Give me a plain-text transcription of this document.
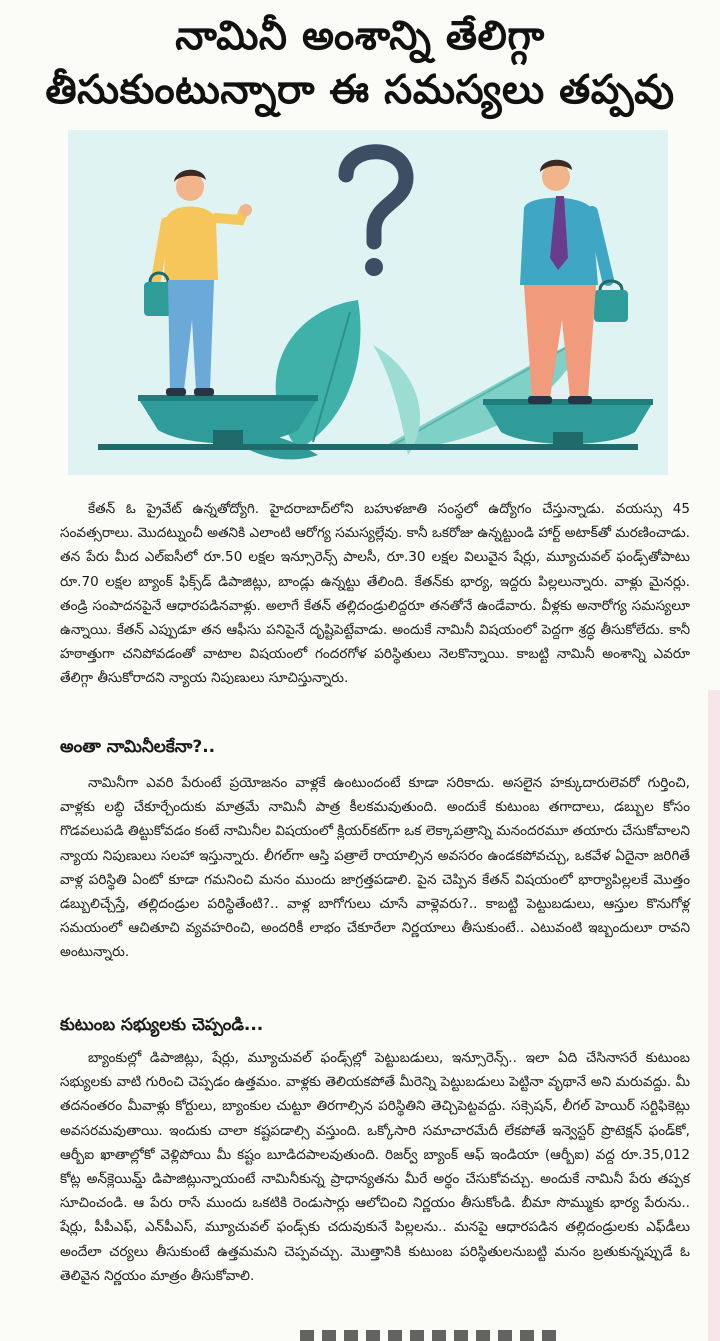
నామినీ అంశాన్ని తేలిగ్గా
తీసుకుంటున్నారా ఈ సమస్యలు తప్పవు

కేతన్ ఓ ప్రైవేట్ ఉన్నతోద్యోగి. హైదరాబాద్‌లోని బహుళజాతి సంస్థలో ఉద్యోగం చేస్తున్నాడు. వయస్సు 45 సంవత్సరాలు. మొదట్నుంచీ అతనికి ఎలాంటి ఆరోగ్య సమస్యల్లేవు. కానీ ఒకరోజు ఉన్నట్టుండి హార్ట్ అటాక్‌తో మరణించాడు. తన పేరు మీద ఎల్‌ఐసీలో రూ.50 లక్షల ఇన్సూరెన్స్ పాలసీ, రూ.30 లక్షల విలువైన షేర్లు, మ్యూచువల్ ఫండ్స్‌తోపాటు రూ.70 లక్షల బ్యాంక్ ఫిక్స్‌డ్ డిపాజిట్లు, బాండ్లు ఉన్నట్టు తేలింది. కేతన్‌కు భార్య, ఇద్దరు పిల్లలున్నారు. వాళ్లు మైనర్లు. తండ్రి సంపాదనపైనే ఆధారపడినవాళ్లు. అలాగే కేతన్ తల్లిదండ్రులిద్దరూ తనతోనే ఉండేవారు. వీళ్లకు అనారోగ్య సమస్యలూ ఉన్నాయి. కేతన్ ఎప్పుడూ తన ఆఫీసు పనిపైనే దృష్టిపెట్టేవాడు. అందుకే నామినీ విషయంలో పెద్దగా శ్రద్ధ తీసుకోలేదు. కానీ హఠాత్తుగా చనిపోవడంతో వాటాల విషయంలో గందరగోళ పరిస్థితులు నెలకొన్నాయి. కాబట్టి నామినీ అంశాన్ని ఎవరూ తేలిగ్గా తీసుకోరాదని న్యాయ నిపుణులు సూచిస్తున్నారు.

అంతా నామినీలకేనా?..

నామినీగా ఎవరి పేరుంటే ప్రయోజనం వాళ్లకే ఉంటుందంటే కూడా సరికాదు. అసలైన హక్కుదారులెవరో గుర్తించి, వాళ్లకు లబ్ధి చేకూర్చేందుకు మాత్రమే నామినీ పాత్ర కీలకమవుతుంది. అందుకే కుటుంబ తగాదాలు, డబ్బుల కోసం గొడవలుపడి తిట్టుకోవడం కంటే నామినీల విషయంలో క్లియర్‌కట్‌గా ఒక లెక్కాపత్రాన్ని మనందరమూ తయారు చేసుకోవాలని న్యాయ నిపుణులు సలహా ఇస్తున్నారు. లీగల్‌గా ఆస్తి పత్రాలే రాయాల్సిన అవసరం ఉండకపోవచ్చు, ఒకవేళ ఏదైనా జరిగితే వాళ్ల పరిస్థితి ఏంటో కూడా గమనించి మనం ముందు జాగ్రత్తపడాలి. పైన చెప్పిన కేతన్ విషయంలో భార్యాపిల్లలకే మొత్తం డబ్బులిచ్చేస్తే, తల్లిదండ్రుల పరిస్థితేంటి?.. వాళ్ల బాగోగులు చూసే వాళ్లెవరు?.. కాబట్టి పెట్టుబడులు, ఆస్తుల కొనుగోళ్ల సమయంలో ఆచితూచి వ్యవహరించి, అందరికీ లాభం చేకూరేలా నిర్ణయాలు తీసుకుంటే.. ఎటువంటి ఇబ్బందులూ రావని అంటున్నారు.

కుటుంబ సభ్యులకు చెప్పండి...

బ్యాంకుల్లో డిపాజిట్లు, షేర్లు, మ్యూచువల్ ఫండ్స్‌ల్లో పెట్టుబడులు, ఇన్సూరెన్స్.. ఇలా ఏది చేసినాసరే కుటుంబ సభ్యులకు వాటి గురించి చెప్పడం ఉత్తమం. వాళ్లకు తెలియకపోతే మీరెన్ని పెట్టుబడులు పెట్టినా వృథానే అని మరువద్దు. మీ తదనంతరం మీవాళ్లు కోర్టులు, బ్యాంకుల చుట్టూ తిరగాల్సిన పరిస్థితిని తెచ్చిపెట్టవద్దు. సక్సెషన్, లీగల్ హెయిర్ సర్టిఫికెట్లు అవసరమవుతాయి. ఇందుకు చాలా కష్టపడాల్సి వస్తుంది. ఒక్కోసారి సమాచారమేదీ లేకపోతే ఇన్వెస్టర్ ప్రొటెక్షన్ ఫండ్‌కో, ఆర్బీఐ ఖాతాల్లోకో వెళ్లిపోయి మీ కష్టం బూడిదపాలవుతుంది. రిజర్వ్ బ్యాంక్ ఆఫ్ ఇండియా (ఆర్బీఐ) వద్ద రూ.35,012 కోట్ల అన్‌క్లెయిమ్డ్ డిపాజిట్లున్నాయంటే నామినీకున్న ప్రాధాన్యతను మీరే అర్థం చేసుకోవచ్చు. అందుకే నామినీ పేరు తప్పక సూచించండి. ఆ పేరు రాసే ముందు ఒకటికి రెండుసార్లు ఆలోచించి నిర్ణయం తీసుకోండి. బీమా సొమ్ముకు భార్య పేరును.. షేర్లు, పీపీఎఫ్, ఎన్‌పీఎస్, మ్యూచువల్ ఫండ్స్‌కు చదువుకునే పిల్లలను.. మనపై ఆధారపడిన తల్లిదండ్రులకు ఎఫ్‌డీలు అందేలా చర్యలు తీసుకుంటే ఉత్తమమని చెప్పవచ్చు. మొత్తానికి కుటుంబ పరిస్థితులనుబట్టి మనం బ్రతుకున్నప్పుడే ఓ తెలివైన నిర్ణయం మాత్రం తీసుకోవాలి.
